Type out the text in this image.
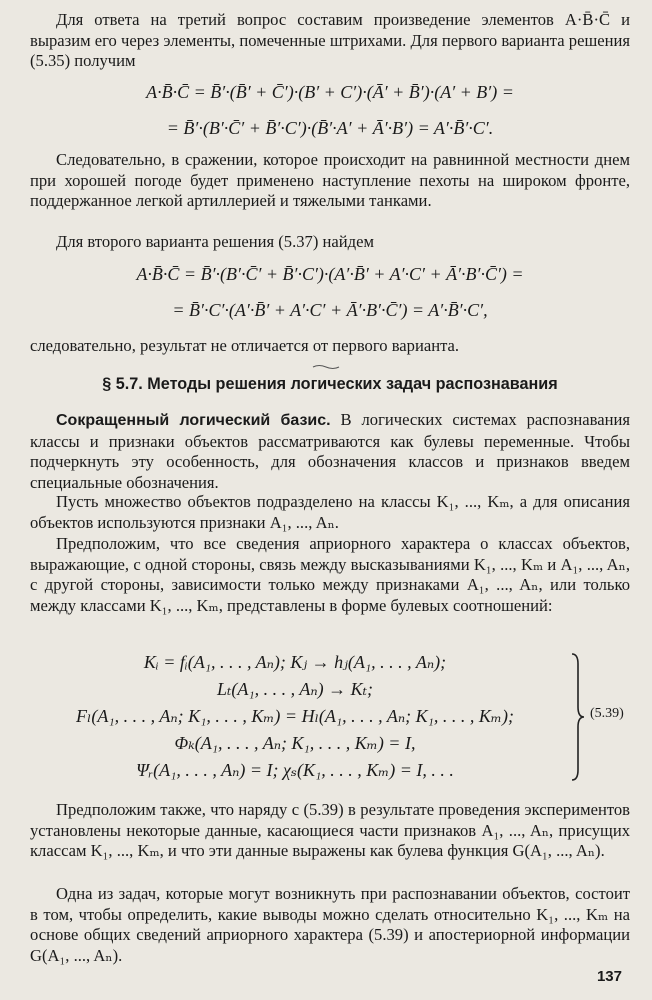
Для ответа на третий вопрос составим произведение элементов A·B̄·C̄ и выразим его через элементы, помеченные штрихами. Для первого варианта решения (5.35) получим
A·B̄·C̄ = B̄′·(B̄′ + C̄′)·(B′ + C′)·(Ā′ + B̄′)·(A′ + B′) =
= B̄′·(B′·C̄′ + B̄′·C′)·(B̄′·A′ + Ā′·B′) = A′·B̄′·C′.
Следовательно, в сражении, которое происходит на равнинной местности днем при хорошей погоде будет применено наступление пехоты на широком фронте, поддержанное легкой артиллерией и тяжелыми танками.
Для второго варианта решения (5.37) найдем
A·B̄·C̄ = B̄′·(B′·C̄′ + B̄′·C′)·(A′·B̄′ + A′·C′ + Ā′·B′·C̄′) =
= B̄′·C′·(A′·B̄′ + A′·C′ + Ā′·B′·C̄′) = A′·B̄′·C′,
следовательно, результат не отличается от первого варианта.
§ 5.7. Методы решения логических задач распознавания
Сокращенный логический базис. В логических системах распознавания классы и признаки объектов рассматриваются как булевы переменные. Чтобы подчеркнуть эту особенность, для обозначения классов и признаков введем специальные обозначения.
Пусть множество объектов подразделено на классы K₁, ..., Kₘ, а для описания объектов используются признаки A₁, ..., Aₙ.
Предположим, что все сведения априорного характера о классах объектов, выражающие, с одной стороны, связь между высказываниями K₁, ..., Kₘ и A₁, ..., Aₙ, с другой стороны, зависимости только между признаками A₁, ..., Aₙ, или только между классами K₁, ..., Kₘ, представлены в форме булевых соотношений:
Kᵢ = fᵢ(A₁, . . . , Aₙ); Kⱼ → hⱼ(A₁, . . . , Aₙ);
Lₜ(A₁, . . . , Aₙ) → Kₜ;
Fₗ(A₁, . . . , Aₙ; K₁, . . . , Kₘ) = Hₗ(A₁, . . . , Aₙ; K₁, . . . , Kₘ);
Φₖ(A₁, . . . , Aₙ; K₁, . . . , Kₘ) = I,
Ψᵣ(A₁, . . . , Aₙ) = I; χₛ(K₁, . . . , Kₘ) = I, . . .
(5.39)
Предположим также, что наряду с (5.39) в результате проведения экспериментов установлены некоторые данные, касающиеся части признаков A₁, ..., Aₙ, присущих классам K₁, ..., Kₘ, и что эти данные выражены как булева функция G(A₁, ..., Aₙ).
Одна из задач, которые могут возникнуть при распознавании объектов, состоит в том, чтобы определить, какие выводы можно сделать относительно K₁, ..., Kₘ на основе общих сведений априорного характера (5.39) и апостериорной информации G(A₁, ..., Aₙ).
137
